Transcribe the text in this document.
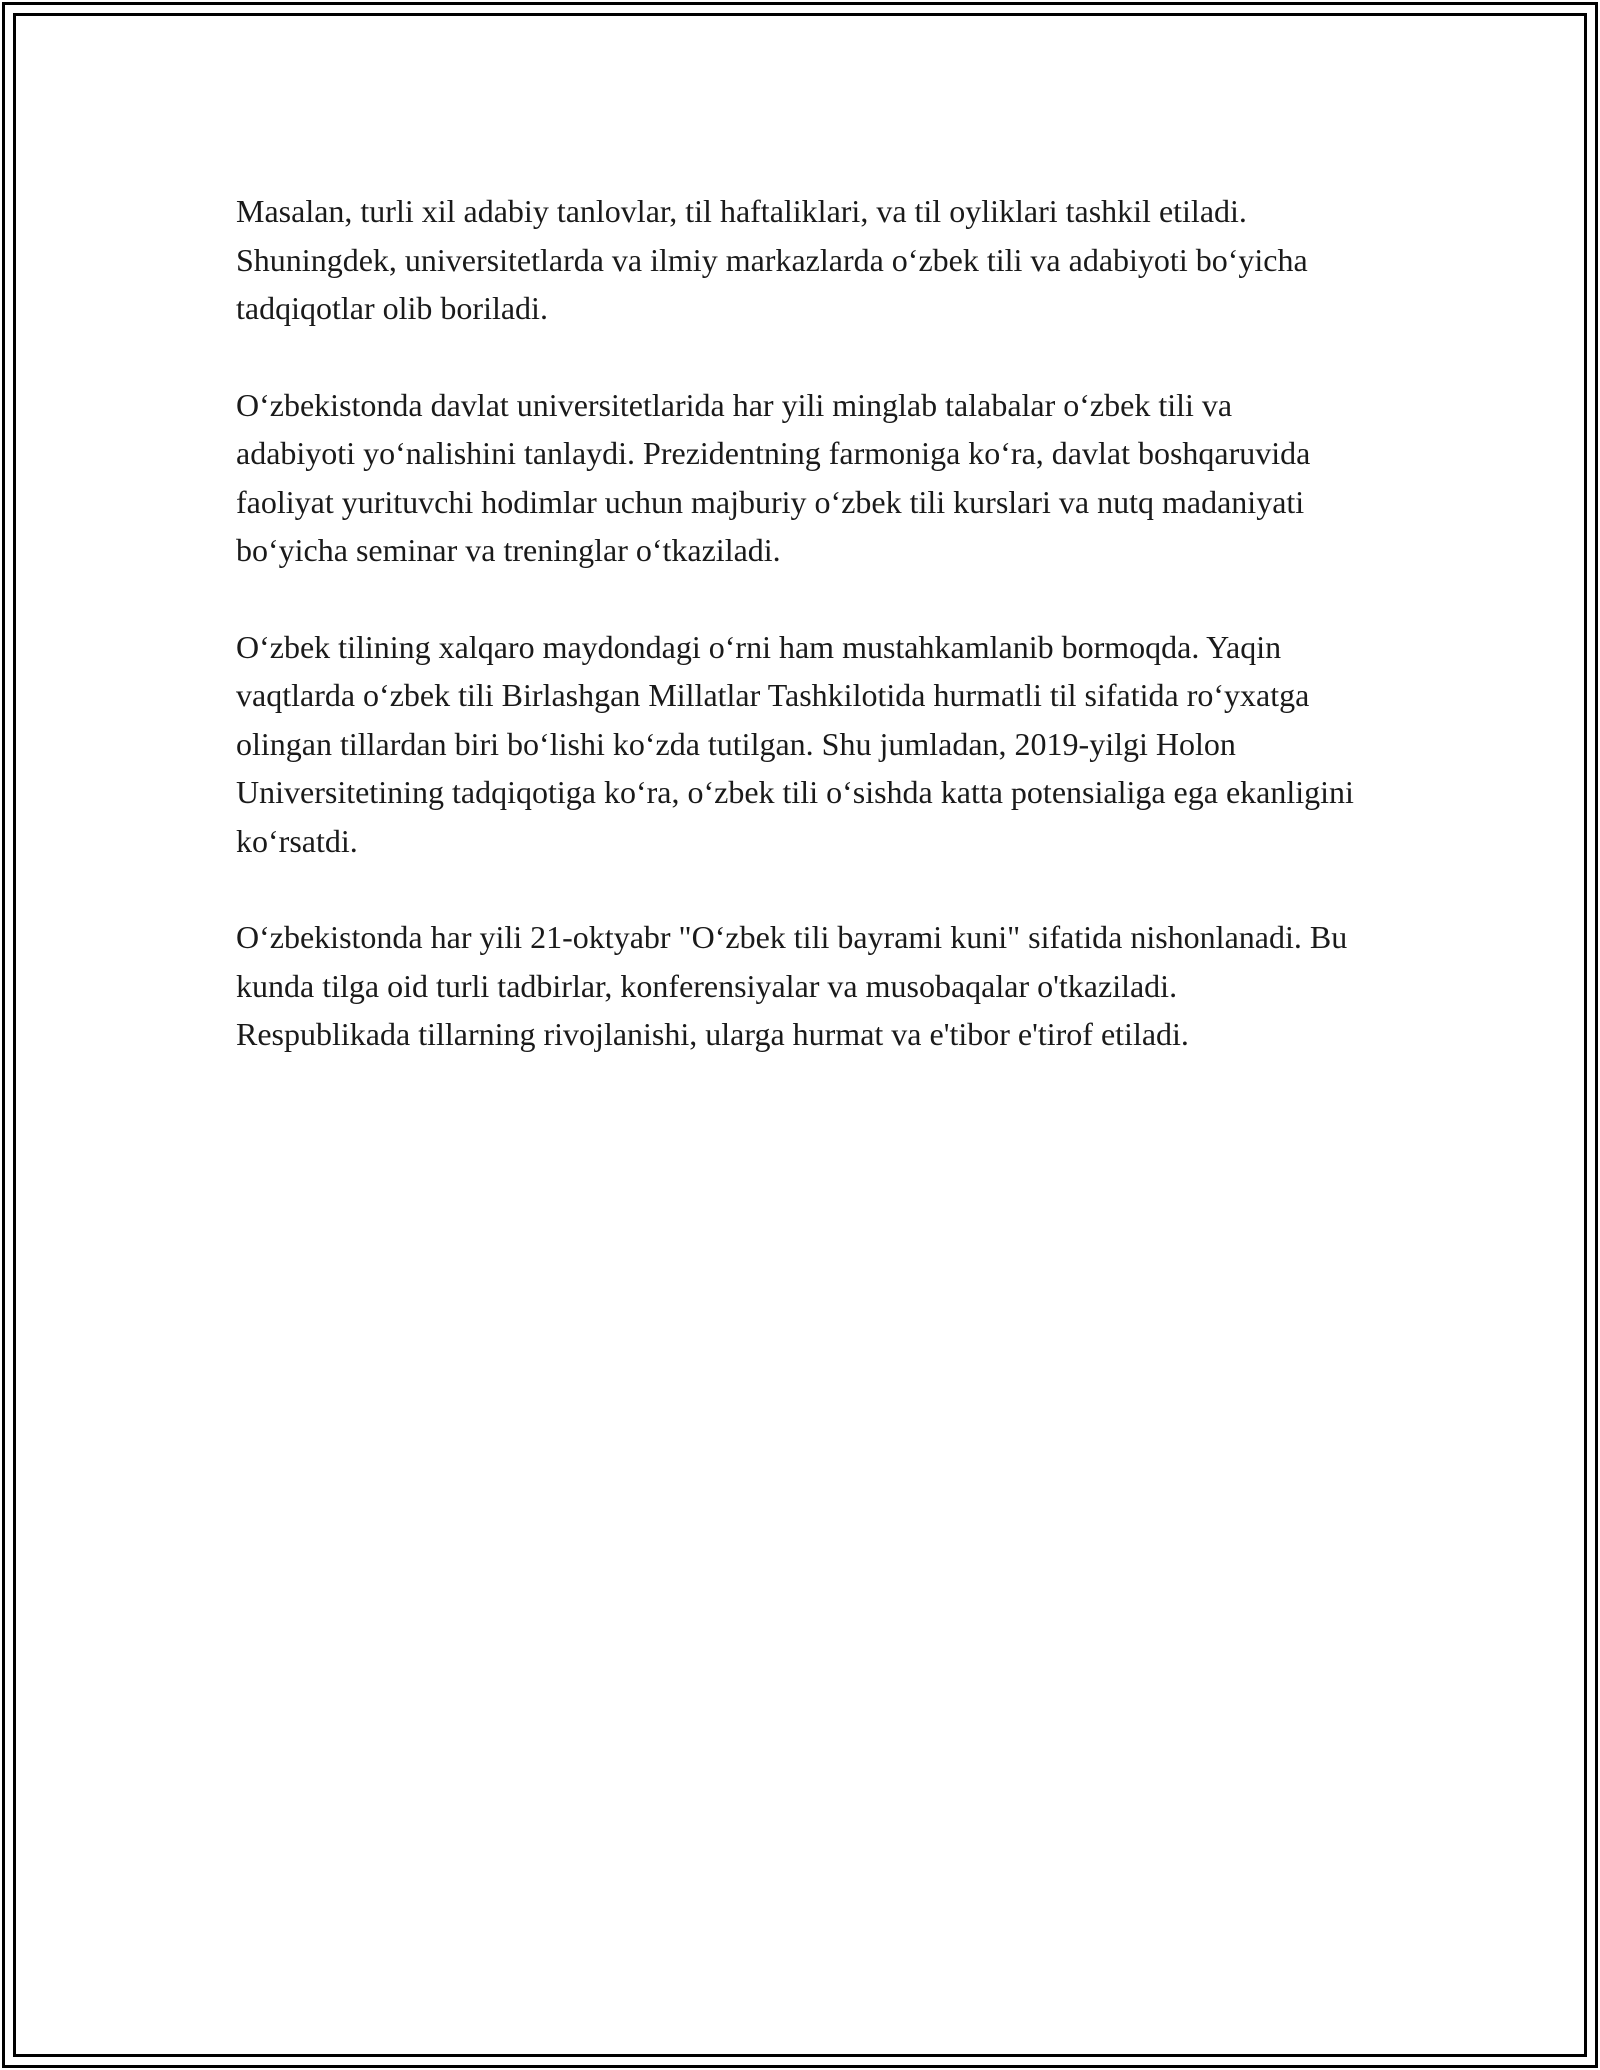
Masalan, turli xil adabiy tanlovlar, til haftaliklari, va til oyliklari tashkil etiladi. Shuningdek, universitetlarda va ilmiy markazlarda oʻzbek tili va adabiyoti boʻyicha tadqiqotlar olib boriladi.

Oʻzbekistonda davlat universitetlarida har yili minglab talabalar oʻzbek tili va adabiyoti yoʻnalishini tanlaydi. Prezidentning farmoniga koʻra, davlat boshqaruvida faoliyat yurituvchi hodimlar uchun majburiy oʻzbek tili kurslari va nutq madaniyati boʻyicha seminar va treninglar oʻtkaziladi.

Oʻzbek tilining xalqaro maydondagi oʻrni ham mustahkamlanib bormoqda. Yaqin vaqtlarda oʻzbek tili Birlashgan Millatlar Tashkilotida hurmatli til sifatida roʻyxatga olingan tillardan biri boʻlishi koʻzda tutilgan. Shu jumladan, 2019-yilgi Holon Universitetining tadqiqotiga koʻra, oʻzbek tili oʻsishda katta potensialiga ega ekanligini koʻrsatdi.

Oʻzbekistonda har yili 21-oktyabr "Oʻzbek tili bayrami kuni" sifatida nishonlanadi. Bu kunda tilga oid turli tadbirlar, konferensiyalar va musobaqalar o'tkaziladi. Respublikada tillarning rivojlanishi, ularga hurmat va e'tibor e'tirof etiladi.
